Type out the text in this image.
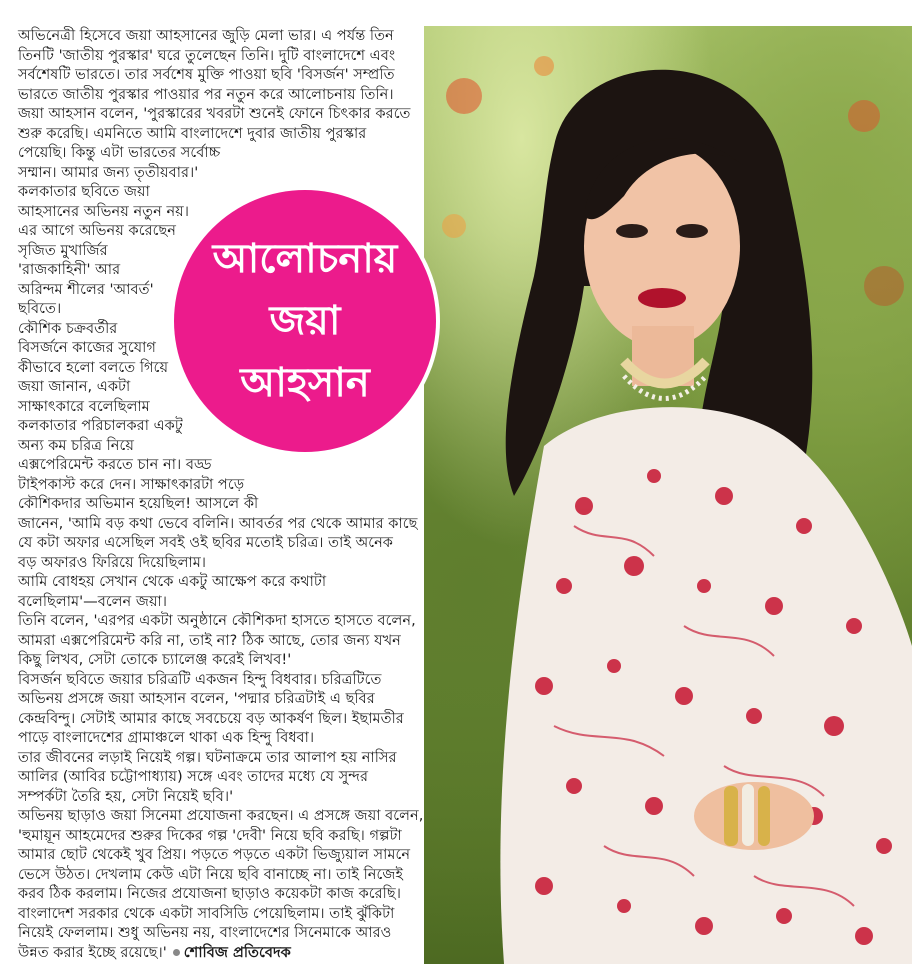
আলোচনায়
জয়া
আহসান
অভিনেত্রী হিসেবে জয়া আহসানের জুড়ি মেলা ভার। এ পর্যন্ত তিন
তিনটি 'জাতীয় পুরস্কার' ঘরে তুলেছেন তিনি। দুটি বাংলাদেশে এবং
সর্বশেষটি ভারতে। তার সর্বশেষ মুক্তি পাওয়া ছবি 'বিসর্জন' সম্প্রতি
ভারতে জাতীয় পুরস্কার পাওয়ার পর নতুন করে আলোচনায় তিনি।
জয়া আহসান বলেন, 'পুরস্কারের খবরটা শুনেই ফোনে চিৎকার করতে
শুরু করেছি। এমনিতে আমি বাংলাদেশে দুবার জাতীয় পুরস্কার
পেয়েছি। কিন্তু এটা ভারতের সর্বোচ্চ
সম্মান। আমার জন্য তৃতীয়বার।'
কলকাতার ছবিতে জয়া
আহসানের অভিনয় নতুন নয়।
এর আগে অভিনয় করেছেন
সৃজিত মুখার্জির
'রাজকাহিনী' আর
অরিন্দম শীলের 'আবর্ত'
ছবিতে।
কৌশিক চক্রবর্তীর
বিসর্জনে কাজের সুযোগ
কীভাবে হলো বলতে গিয়ে
জয়া জানান, একটা
সাক্ষাৎকারে বলেছিলাম
কলকাতার পরিচালকরা একটু
অন্য কম চরিত্র নিয়ে
এক্সপেরিমেন্ট করতে চান না। বড্ড
টাইপকাস্ট করে দেন। সাক্ষাৎকারটা পড়ে
কৌশিকদার অভিমান হয়েছিল! আসলে কী
জানেন, 'আমি বড় কথা ভেবে বলিনি। আবর্তর পর থেকে আমার কাছে
যে কটা অফার এসেছিল সবই ওই ছবির মতোই চরিত্র। তাই অনেক
বড় অফারও ফিরিয়ে দিয়েছিলাম।
আমি বোধহয় সেখান থেকে একটু আক্ষেপ করে কথাটা
বলেছিলাম'—বলেন জয়া।
তিনি বলেন, 'এরপর একটা অনুষ্ঠানে কৌশিকদা হাসতে হাসতে বলেন,
আমরা এক্সপেরিমেন্ট করি না, তাই না? ঠিক আছে, তোর জন্য যখন
কিছু লিখব, সেটা তোকে চ্যালেঞ্জ করেই লিখব!'
বিসর্জন ছবিতে জয়ার চরিত্রটি একজন হিন্দু বিধবার। চরিত্রটিতে
অভিনয় প্রসঙ্গে জয়া আহসান বলেন, 'পদ্মার চরিত্রটাই এ ছবির
কেন্দ্রবিন্দু। সেটাই আমার কাছে সবচেয়ে বড় আকর্ষণ ছিল। ইছামতীর
পাড়ে বাংলাদেশের গ্রামাঞ্চলে থাকা এক হিন্দু বিধবা।
তার জীবনের লড়াই নিয়েই গল্প। ঘটনাক্রমে তার আলাপ হয় নাসির
আলির (আবির চট্টোপাধ্যায়) সঙ্গে এবং তাদের মধ্যে যে সুন্দর
সম্পর্কটা তৈরি হয়, সেটা নিয়েই ছবি।'
অভিনয় ছাড়াও জয়া সিনেমা প্রযোজনা করছেন। এ প্রসঙ্গে জয়া বলেন,
'হুমায়ূন আহমেদের শুরুর দিকের গল্প 'দেবী' নিয়ে ছবি করছি। গল্পটা
আমার ছোট থেকেই খুব প্রিয়। পড়তে পড়তে একটা ভিজ্যুয়াল সামনে
ভেসে উঠত। দেখলাম কেউ এটা নিয়ে ছবি বানাচ্ছে না। তাই নিজেই
করব ঠিক করলাম। নিজের প্রযোজনা ছাড়াও কয়েকটা কাজ করেছি।
বাংলাদেশ সরকার থেকে একটা সাবসিডি পেয়েছিলাম। তাই ঝুঁকিটা
নিয়েই ফেললাম। শুধু অভিনয় নয়, বাংলাদেশের সিনেমাকে আরও
উন্নত করার ইচ্ছে রয়েছে।' শোবিজ প্রতিবেদক
